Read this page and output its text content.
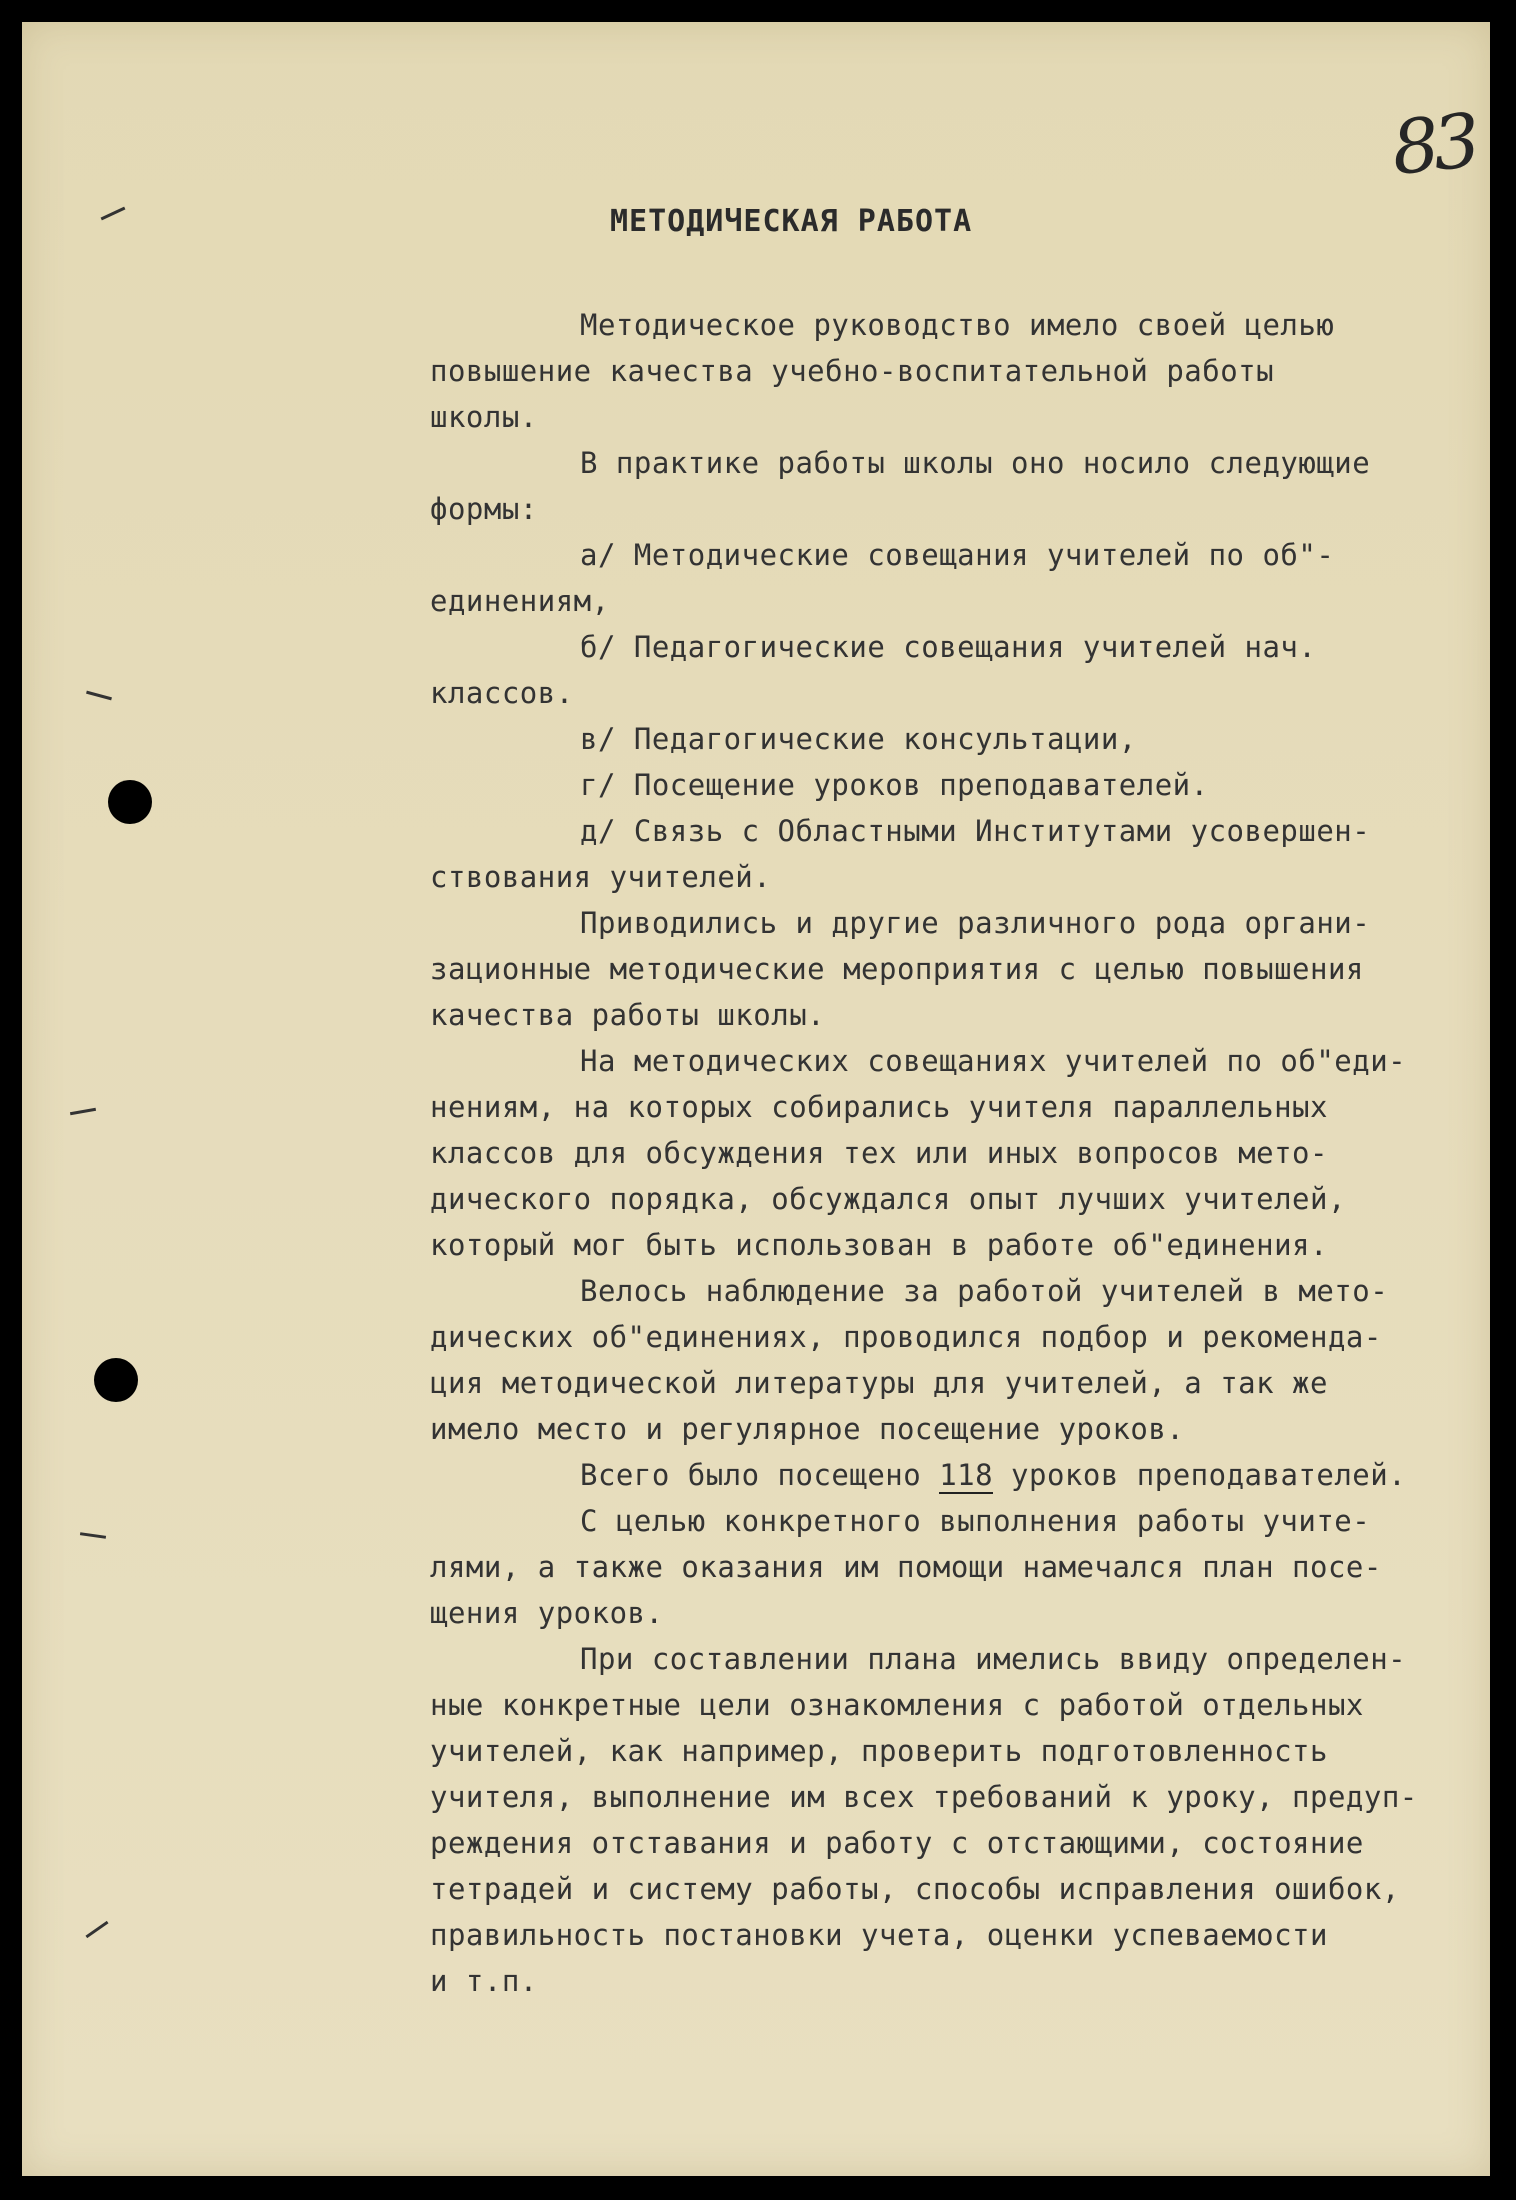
83
МЕТОДИЧЕСКАЯ РАБОТА
Методическое руководство имело своей целью
повышение качества учебно-воспитательной работы
школы.
В практике работы школы оно носило следующие
формы:
а/ Методические совещания учителей по об"-
единениям,
б/ Педагогические совещания учителей нач.
классов.
в/ Педагогические консультации,
г/ Посещение уроков преподавателей.
д/ Связь с Областными Институтами усовершен-
ствования учителей.
Приводились и другие различного рода органи-
зационные методические мероприятия с целью повышения
качества работы школы.
На методических совещаниях учителей по об"еди-
нениям, на которых собирались учителя параллельных
классов для обсуждения тех или иных вопросов мето-
дического порядка, обсуждался опыт лучших учителей,
который мог быть использован в работе об"единения.
Велось наблюдение за работой учителей в мето-
дических об"единениях, проводился подбор и рекоменда-
ция методической литературы для учителей, а так же
имело место и регулярное посещение уроков.
Всего было посещено 118 уроков преподавателей.
С целью конкретного выполнения работы учите-
лями, а также оказания им помощи намечался план посе-
щения уроков.
При составлении плана имелись ввиду определен-
ные конкретные цели ознакомления с работой отдельных
учителей, как например, проверить подготовленность
учителя, выполнение им всех требований к уроку, предуп-
реждения отставания и работу с отстающими, состояние
тетрадей и систему работы, способы исправления ошибок,
правильность постановки учета, оценки успеваемости
и т.п.
